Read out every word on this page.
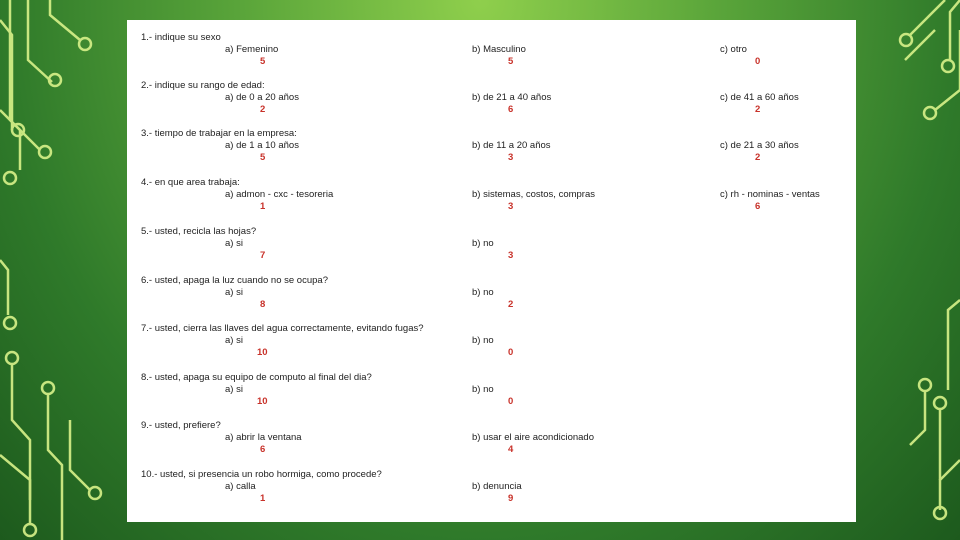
1.- indique su sexo
a) Femenino	b) Masculino	c) otro
5	5	0
2.- indique su rango de edad:
a) de 0 a 20 años	b) de 21 a 40 años	c) de 41 a 60 años
2	6	2
3.- tiempo de trabajar en la empresa:
a) de 1 a 10 años	b) de 11 a 20 años	c) de 21 a 30 años
5	3	2
4.- en que area trabaja:
a) admon - cxc - tesoreria	b) sistemas, costos, compras	c) rh - nominas - ventas
1	3	6
5.- usted, recicla las hojas?
a) si	b) no
7	3
6.- usted, apaga la luz cuando no se ocupa?
a) si	b) no
8	2
7.- usted, cierra las llaves del agua correctamente, evitando fugas?
a) si	b) no
10	0
8.- usted, apaga su equipo de computo al final del dia?
a) si	b) no
10	0
9.- usted, prefiere?
a) abrir la ventana	b) usar el aire acondicionado
6	4
10.- usted, si presencia un robo hormiga, como procede?
a) calla	b) denuncia
1	9
